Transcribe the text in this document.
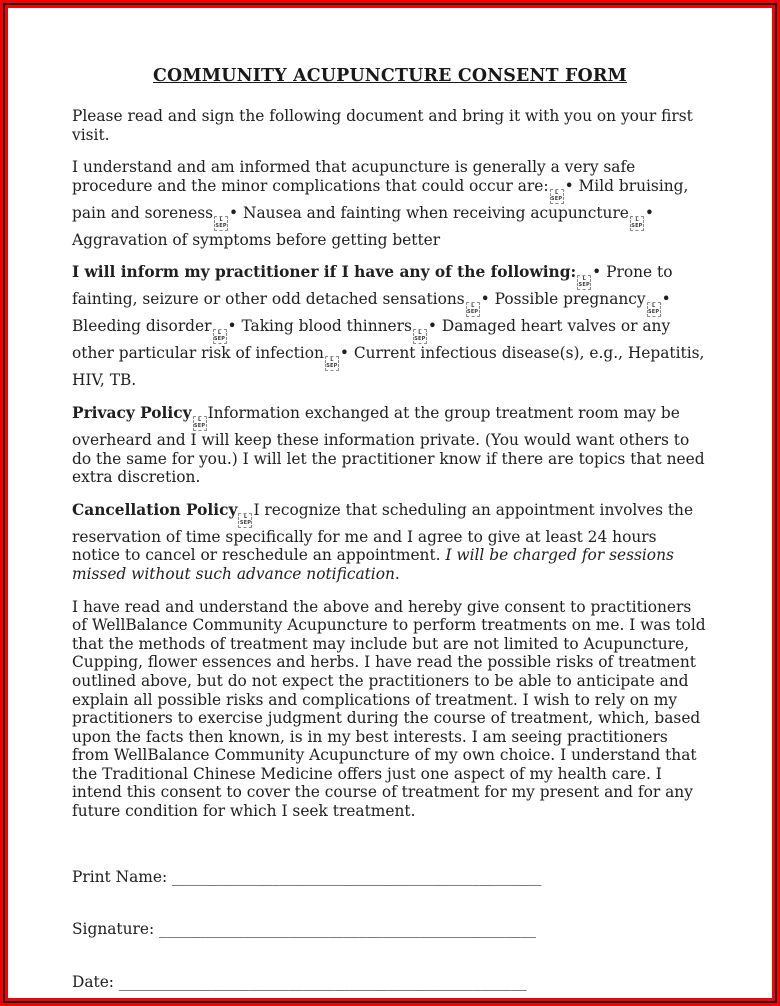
COMMUNITY ACUPUNCTURE CONSENT FORM

Please read and sign the following document and bring it with you on your first visit.

I understand and am informed that acupuncture is generally a very safe procedure and the minor complications that could occur are: L
SEP
• Mild bruising, pain and soreness L
SEP
• Nausea and fainting when receiving acupuncture L
SEP
• Aggravation of symptoms before getting better

I will inform my practitioner if I have any of the following: L
SEP
• Prone to fainting, seizure or other odd detached sensations L
SEP
• Possible pregnancy L
SEP
• Bleeding disorder L
SEP
• Taking blood thinners L
SEP
• Damaged heart valves or any other particular risk of infection L
SEP
• Current infectious disease(s), e.g., Hepatitis, HIV, TB.

Privacy Policy L
SEP
Information exchanged at the group treatment room may be overheard and I will keep these information private. (You would want others to do the same for you.) I will let the practitioner know if there are topics that need extra discretion.

Cancellation Policy L
SEP
I recognize that scheduling an appointment involves the reservation of time specifically for me and I agree to give at least 24 hours notice to cancel or reschedule an appointment. I will be charged for sessions missed without such advance notification.

I have read and understand the above and hereby give consent to practitioners of WellBalance Community Acupuncture to perform treatments on me. I was told that the methods of treatment may include but are not limited to Acupuncture, Cupping, flower essences and herbs. I have read the possible risks of treatment outlined above, but do not expect the practitioners to be able to anticipate and explain all possible risks and complications of treatment. I wish to rely on my practitioners to exercise judgment during the course of treatment, which, based upon the facts then known, is in my best interests. I am seeing practitioners from WellBalance Community Acupuncture of my own choice. I understand that the Traditional Chinese Medicine offers just one aspect of my health care. I intend this consent to cover the course of treatment for my present and for any future condition for which I seek treatment.

Print Name: ________________________________________________

Signature: _________________________________________________

Date: _____________________________________________________
